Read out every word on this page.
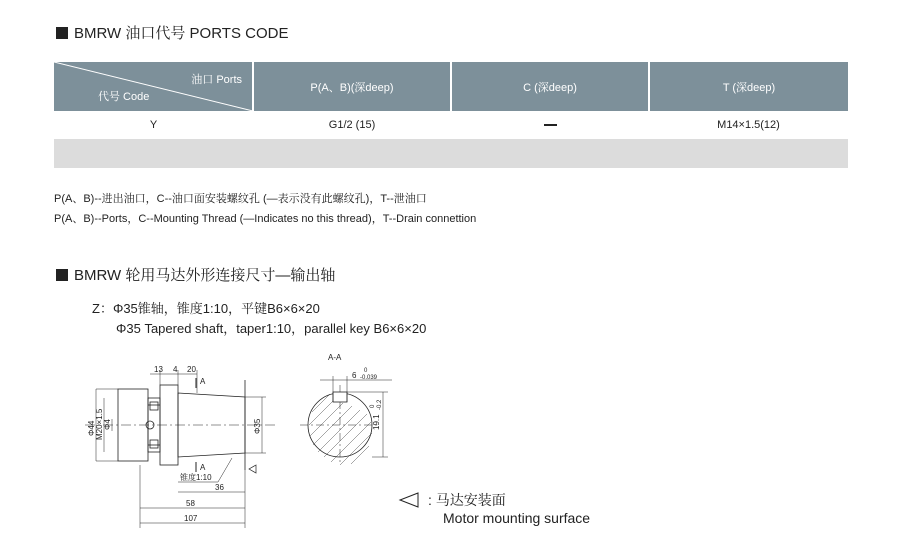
BMRW 油口代号 PORTS CODE
油口 Ports
代号 Code	P(A、B)(深deep)	C (深deep)	T (深deep)
Y	G1/2 (15)		M14×1.5(12)

P(A、B)--进出油口，C--油口面安装螺纹孔 (—表示没有此螺纹孔)，T--泄油口
P(A、B)--Ports，C--Mounting Thread (—Indicates no this thread)，T--Drain connettion
BMRW 轮用马达外形连接尺寸—输出轴
Z：Φ35锥轴，锥度1:10，平键B6×6×20
Φ35 Tapered shaft，taper1:10，parallel key B6×6×20
13 4 20
A
A
Φ44 M20×1.5 Φ4	Φ35
锥度1:10
36
58
107
A-A
6 0
-0.039
19.1
0 -0.2
: 马达安装面
Motor mounting surface
